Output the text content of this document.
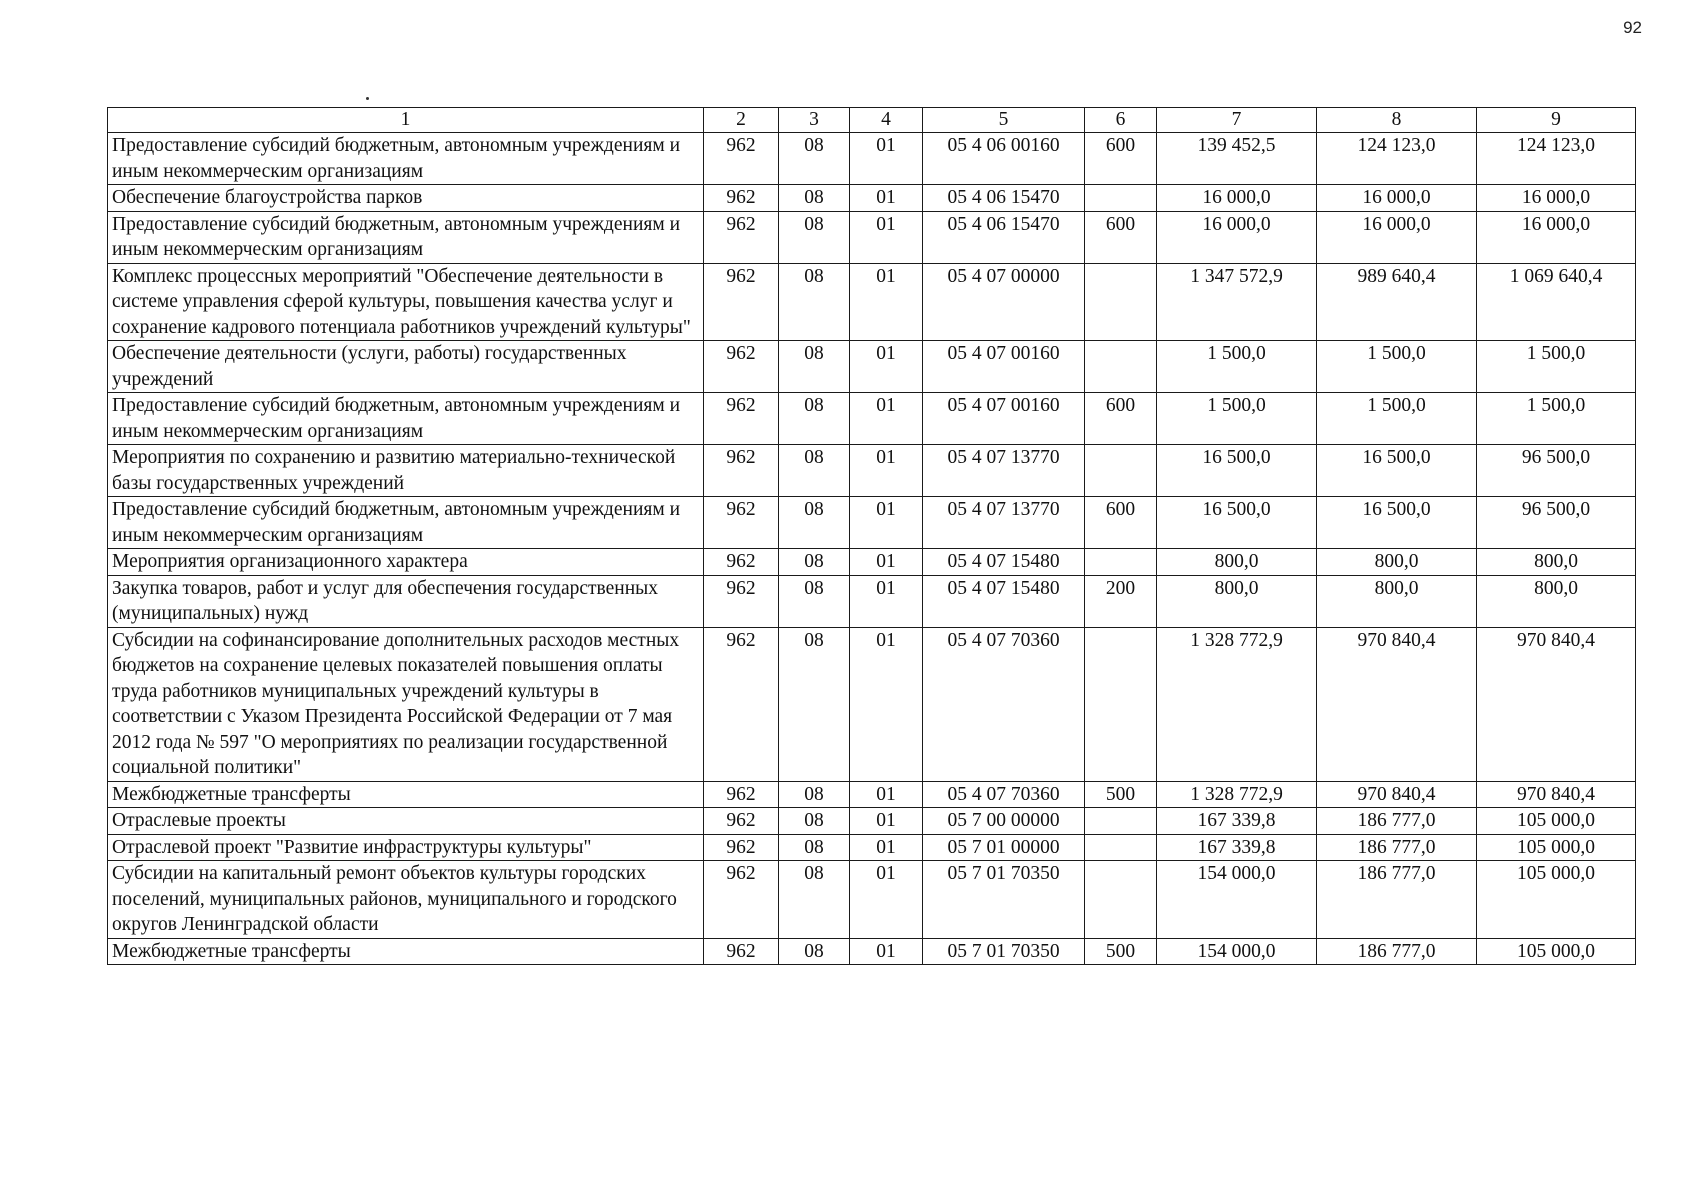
92
1	2	3	4	5	6	7	8	9
Предоставление субсидий бюджетным, автономным учреждениям и иным некоммерческим организациям	962	08	01	05 4 06 00160	600	139 452,5	124 123,0	124 123,0
Обеспечение благоустройства парков	962	08	01	05 4 06 15470		16 000,0	16 000,0	16 000,0
Предоставление субсидий бюджетным, автономным учреждениям и иным некоммерческим организациям	962	08	01	05 4 06 15470	600	16 000,0	16 000,0	16 000,0
Комплекс процессных мероприятий "Обеспечение деятельности в системе управления сферой культуры, повышения качества услуг и сохранение кадрового потенциала работников учреждений культуры"	962	08	01	05 4 07 00000		1 347 572,9	989 640,4	1 069 640,4
Обеспечение деятельности (услуги, работы) государственных учреждений	962	08	01	05 4 07 00160		1 500,0	1 500,0	1 500,0
Предоставление субсидий бюджетным, автономным учреждениям и иным некоммерческим организациям	962	08	01	05 4 07 00160	600	1 500,0	1 500,0	1 500,0
Мероприятия по сохранению и развитию материально-технической базы государственных учреждений	962	08	01	05 4 07 13770		16 500,0	16 500,0	96 500,0
Предоставление субсидий бюджетным, автономным учреждениям и иным некоммерческим организациям	962	08	01	05 4 07 13770	600	16 500,0	16 500,0	96 500,0
Мероприятия организационного характера	962	08	01	05 4 07 15480		800,0	800,0	800,0
Закупка товаров, работ и услуг для обеспечения государственных (муниципальных) нужд	962	08	01	05 4 07 15480	200	800,0	800,0	800,0
Субсидии на софинансирование дополнительных расходов местных бюджетов на сохранение целевых показателей повышения оплаты труда работников муниципальных учреждений культуры в соответствии с Указом Президента Российской Федерации от 7 мая 2012 года № 597 "О мероприятиях по реализации государственной социальной политики"	962	08	01	05 4 07 70360		1 328 772,9	970 840,4	970 840,4
Межбюджетные трансферты	962	08	01	05 4 07 70360	500	1 328 772,9	970 840,4	970 840,4
Отраслевые проекты	962	08	01	05 7 00 00000		167 339,8	186 777,0	105 000,0
Отраслевой проект "Развитие инфраструктуры культуры"	962	08	01	05 7 01 00000		167 339,8	186 777,0	105 000,0
Субсидии на капитальный ремонт объектов культуры городских поселений, муниципальных районов, муниципального и городского округов Ленинградской области	962	08	01	05 7 01 70350		154 000,0	186 777,0	105 000,0
Межбюджетные трансферты	962	08	01	05 7 01 70350	500	154 000,0	186 777,0	105 000,0
